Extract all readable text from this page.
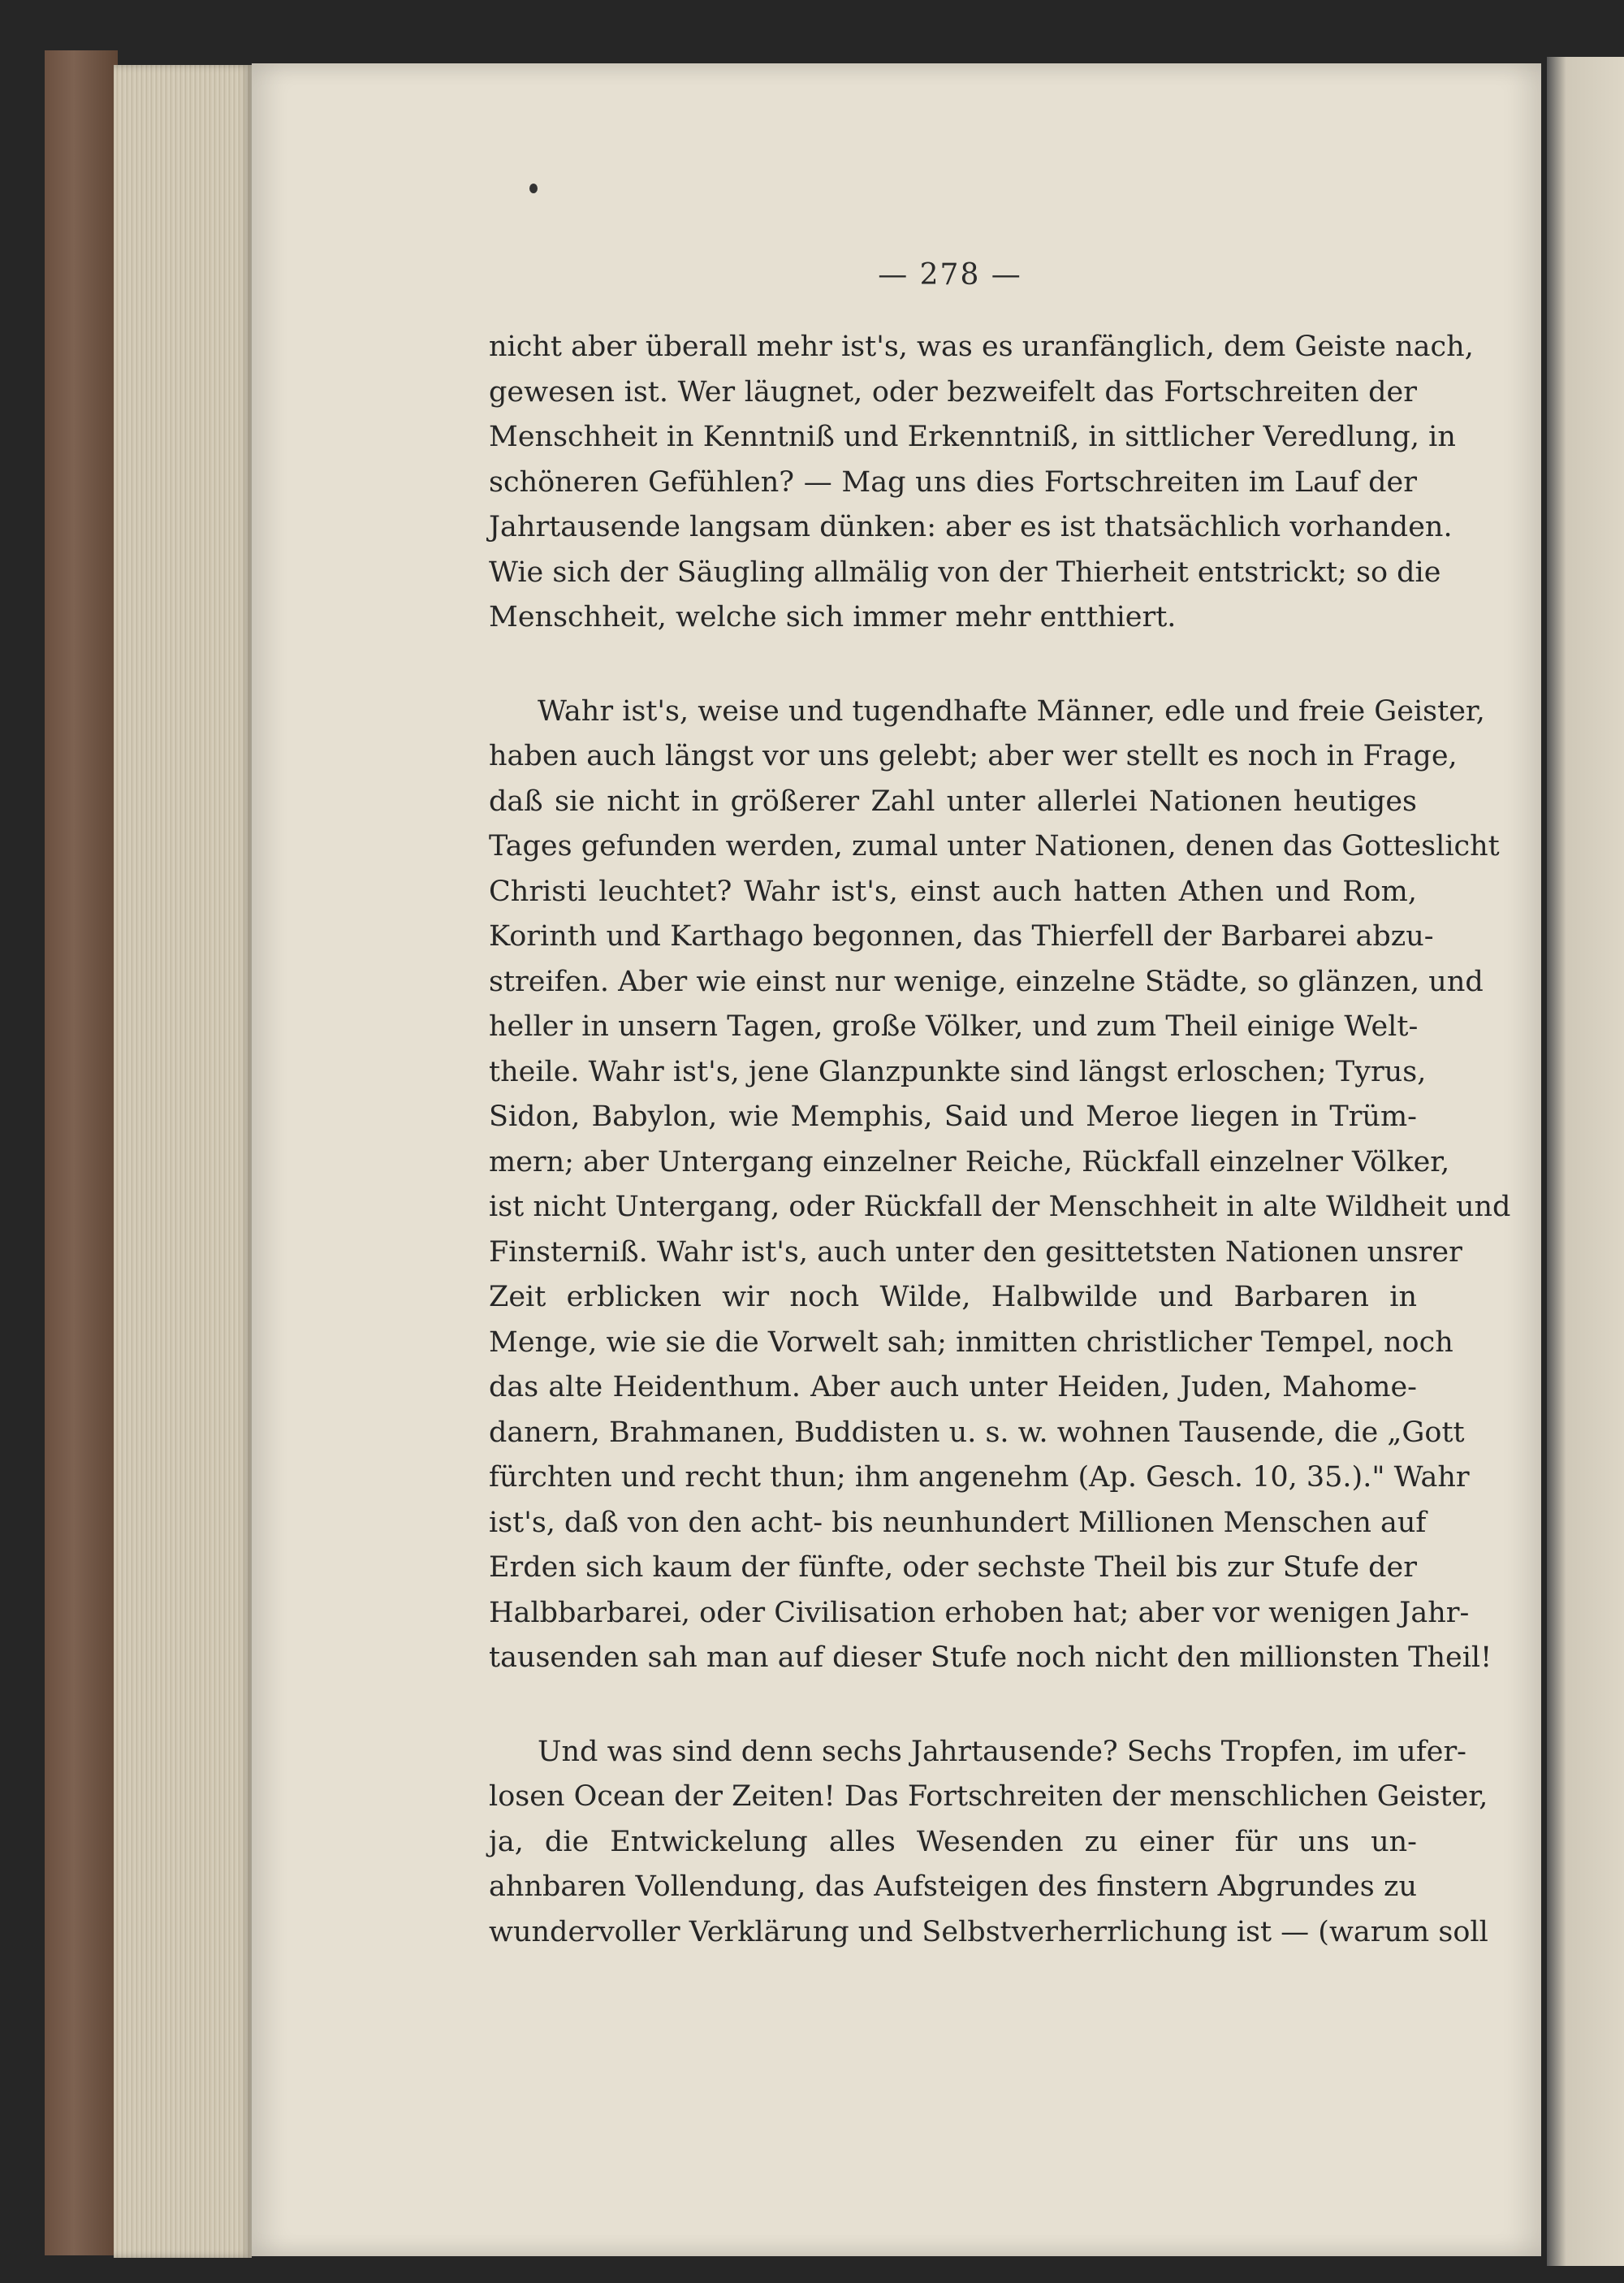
— 278 —
nicht aber überall mehr ist's, was es uranfänglich, dem Geiste nach,
gewesen ist. Wer läugnet, oder bezweifelt das Fortschreiten der
Menschheit in Kenntniß und Erkenntniß, in sittlicher Veredlung, in
schöneren Gefühlen? — Mag uns dies Fortschreiten im Lauf der
Jahrtausende langsam dünken: aber es ist thatsächlich vorhanden.
Wie sich der Säugling allmälig von der Thierheit entstrickt; so die
Menschheit, welche sich immer mehr entthiert.
Wahr ist's, weise und tugendhafte Männer, edle und freie Geister,
haben auch längst vor uns gelebt; aber wer stellt es noch in Frage,
daß sie nicht in größerer Zahl unter allerlei Nationen heutiges
Tages gefunden werden, zumal unter Nationen, denen das Gotteslicht
Christi leuchtet? Wahr ist's, einst auch hatten Athen und Rom,
Korinth und Karthago begonnen, das Thierfell der Barbarei abzu-
streifen. Aber wie einst nur wenige, einzelne Städte, so glänzen, und
heller in unsern Tagen, große Völker, und zum Theil einige Welt-
theile. Wahr ist's, jene Glanzpunkte sind längst erloschen; Tyrus,
Sidon, Babylon, wie Memphis, Said und Meroe liegen in Trüm-
mern; aber Untergang einzelner Reiche, Rückfall einzelner Völker,
ist nicht Untergang, oder Rückfall der Menschheit in alte Wildheit und
Finsterniß. Wahr ist's, auch unter den gesittetsten Nationen unsrer
Zeit erblicken wir noch Wilde, Halbwilde und Barbaren in
Menge, wie sie die Vorwelt sah; inmitten christlicher Tempel, noch
das alte Heidenthum. Aber auch unter Heiden, Juden, Mahome-
danern, Brahmanen, Buddisten u. s. w. wohnen Tausende, die „Gott
fürchten und recht thun; ihm angenehm (Ap. Gesch. 10, 35.)." Wahr
ist's, daß von den acht- bis neunhundert Millionen Menschen auf
Erden sich kaum der fünfte, oder sechste Theil bis zur Stufe der
Halbbarbarei, oder Civilisation erhoben hat; aber vor wenigen Jahr-
tausenden sah man auf dieser Stufe noch nicht den millionsten Theil!
Und was sind denn sechs Jahrtausende? Sechs Tropfen, im ufer-
losen Ocean der Zeiten! Das Fortschreiten der menschlichen Geister,
ja, die Entwickelung alles Wesenden zu einer für uns un-
ahnbaren Vollendung, das Aufsteigen des finstern Abgrundes zu
wundervoller Verklärung und Selbstverherrlichung ist — (warum soll
